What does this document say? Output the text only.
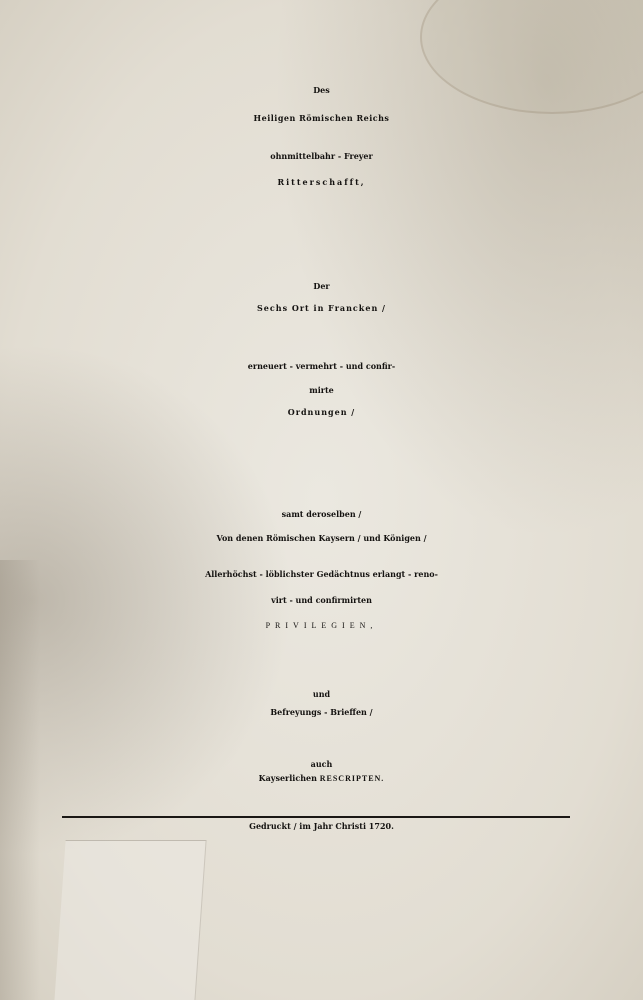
Des
Heiligen Römischen Reichs
ohnmittelbahr - Freyer
Ritterschafft,
Der
Sechs Ort in Francken /
erneuert - vermehrt - und confir-
mirte
Ordnungen /
samt deroselben /
Von denen Römischen Kaysern / und Königen /
Allerhöchst - löblichster Gedächtnus erlangt - reno-
virt - und confirmirten
PRIVILEGIEN,
und
Befreyungs - Brieffen /
auch
Kayserlichen RESCRIPTEN.
Gedruckt / im Jahr Christi 1720.
